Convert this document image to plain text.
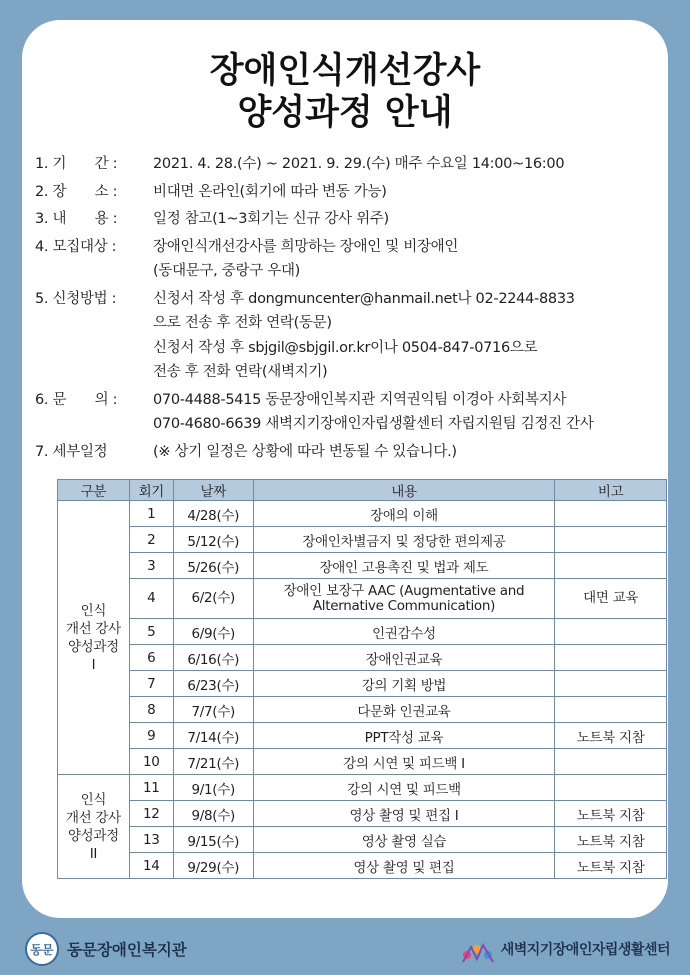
장애인식개선강사
양성과정 안내
1. 기　　간 :	2021. 4. 28.(수) ~ 2021. 9. 29.(수) 매주 수요일 14:00~16:00
2. 장　　소 :	비대면 온라인(회기에 따라 변동 가능)
3. 내　　용 :	일정 참고(1~3회기는 신규 강사 위주)
4. 모집대상 :	장애인식개선강사를 희망하는 장애인 및 비장애인
(동대문구, 중랑구 우대)
5. 신청방법 :	신청서 작성 후 dongmuncenter@hanmail.net나 02-2244-8833
으로 전송 후 전화 연락(동문)
신청서 작성 후 sbjgil@sbjgil.or.kr이나 0504-847-0716으로
전송 후 전화 연락(새벽지기)
6. 문　　의 :	070-4488-5415 동문장애인복지관 지역권익팀 이경아 사회복지사
070-4680-6639 새벽지기장애인자립생활센터 자립지원팀 김정진 간사
7. 세부일정	(※ 상기 일정은 상황에 따라 변동될 수 있습니다.)
구분	회기	날짜	내용	비고
인식
개선 강사
양성과정
I	1	4/28(수)	장애의 이해	
	2	5/12(수)	장애인차별금지 및 정당한 편의제공	
	3	5/26(수)	장애인 고용촉진 및 법과 제도	
	4	6/2(수)	장애인 보장구 AAC (Augmentative and Alternative Communication)	대면 교육
	5	6/9(수)	인권감수성	
	6	6/16(수)	장애인권교육	
	7	6/23(수)	강의 기획 방법	
	8	7/7(수)	다문화 인권교육	
	9	7/14(수)	PPT작성 교육	노트북 지참
	10	7/21(수)	강의 시연 및 피드백 I	
인식
개선 강사
양성과정
II	11	9/1(수)	강의 시연 및 피드백	
	12	9/8(수)	영상 촬영 및 편집 I	노트북 지참
	13	9/15(수)	영상 촬영 실습	노트북 지참
	14	9/29(수)	영상 촬영 및 편집	노트북 지참
동문 동문장애인복지관	새벽지기장애인자립생활센터
